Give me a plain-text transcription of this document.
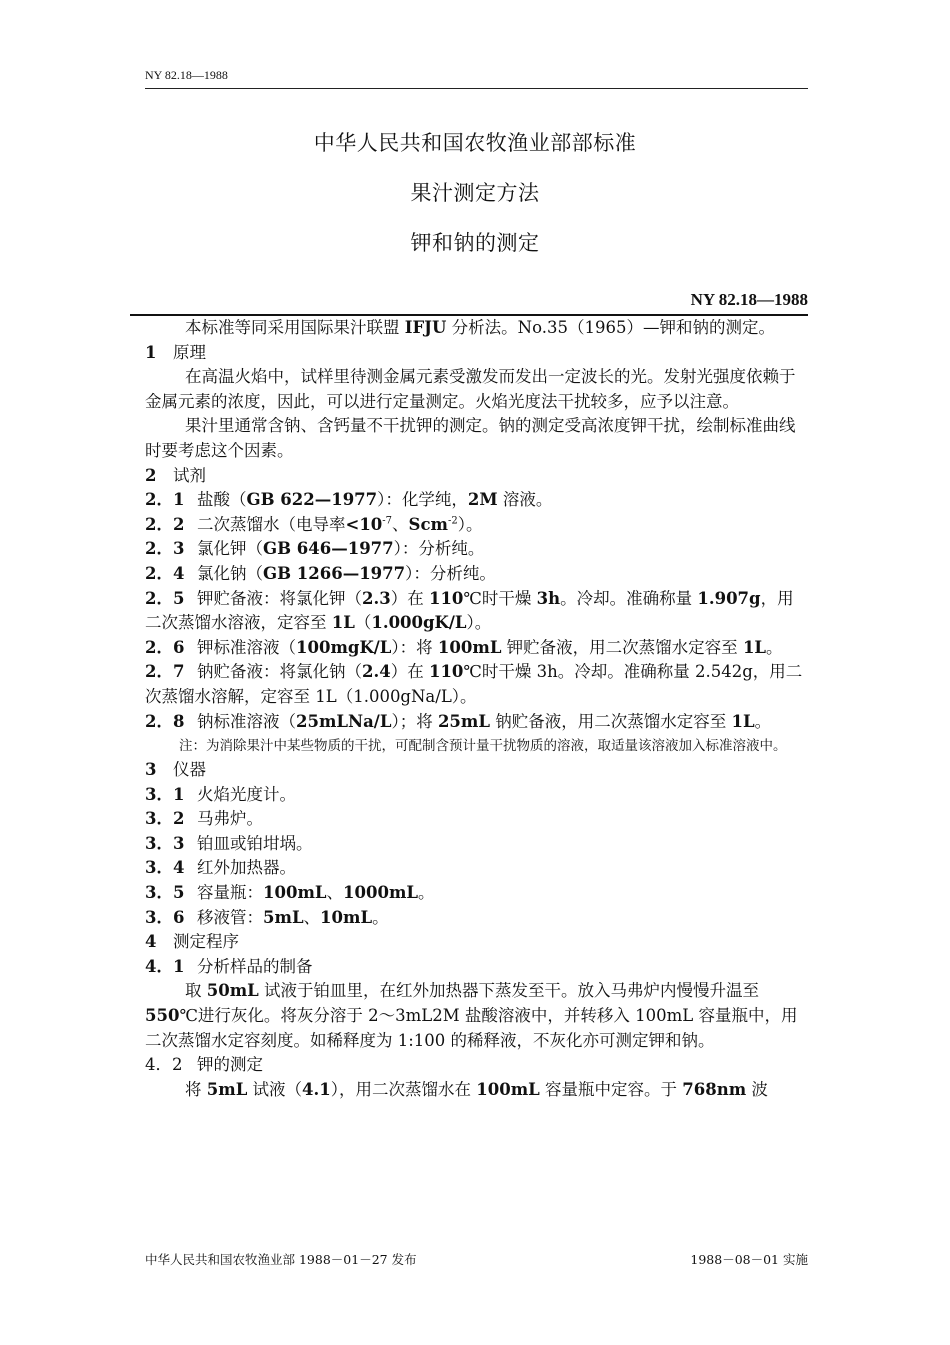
NY 82.18—1988
中华人民共和国农牧渔业部部标准
果汁测定方法
钾和钠的测定
NY 82.18—1988

本标准等同采用国际果汁联盟 IFJU 分析法。No.35（1965）—钾和钠的测定。

1 原理

在高温火焰中，试样里待测金属元素受激发而发出一定波长的光。发射光强度依赖于金属元素的浓度，因此，可以进行定量测定。火焰光度法干扰较多，应予以注意。

果汁里通常含钠、含钙量不干扰钾的测定。钠的测定受高浓度钾干扰，绘制标准曲线时要考虑这个因素。

2 试剂

2．1 盐酸（GB 622—1977）：化学纯，2M 溶液。

2．2 二次蒸馏水（电导率$<10^{-7}$、Scm$^{-2}$）。

2．3 氯化钾（GB 646—1977）：分析纯。

2．4 氯化钠（GB 1266—1977）：分析纯。

2．5 钾贮备液：将氯化钾（2.3）在 110℃时干燥 3h。冷却。准确称量 1.907g，用二次蒸馏水溶液，定容至 1L（1.000gK/L）。

2．6 钾标准溶液（100mgK/L）：将 100mL 钾贮备液，用二次蒸馏水定容至 1L。

2．7 钠贮备液：将氯化钠（2.4）在 110℃时干燥 3h。冷却。准确称量 2.542g，用二次蒸馏水溶解，定容至 1L（1.000gNa/L）。

2．8 钠标准溶液（25mLNa/L）；将 25mL 钠贮备液，用二次蒸馏水定容至 1L。

注：为消除果汁中某些物质的干扰，可配制含预计量干扰物质的溶液，取适量该溶液加入标准溶液中。

3 仪器

3．1 火焰光度计。

3．2 马弗炉。

3．3 铂皿或铂坩埚。

3．4 红外加热器。

3．5 容量瓶：100mL、1000mL。

3．6 移液管：5mL、10mL。

4 测定程序

4．1 分析样品的制备

取 50mL 试液于铂皿里，在红外加热器下蒸发至干。放入马弗炉内慢慢升温至 550℃进行灰化。将灰分溶于 2～3mL2M 盐酸溶液中，并转移入 100mL 容量瓶中，用二次蒸馏水定容刻度。如稀释度为 1:100 的稀释液，不灰化亦可测定钾和钠。

4．2 钾的测定

将 5mL 试液（4.1），用二次蒸馏水在 100mL 容量瓶中定容。于 768nm 波

中华人民共和国农牧渔业部 1988－01－27 发布	1988－08－01 实施
